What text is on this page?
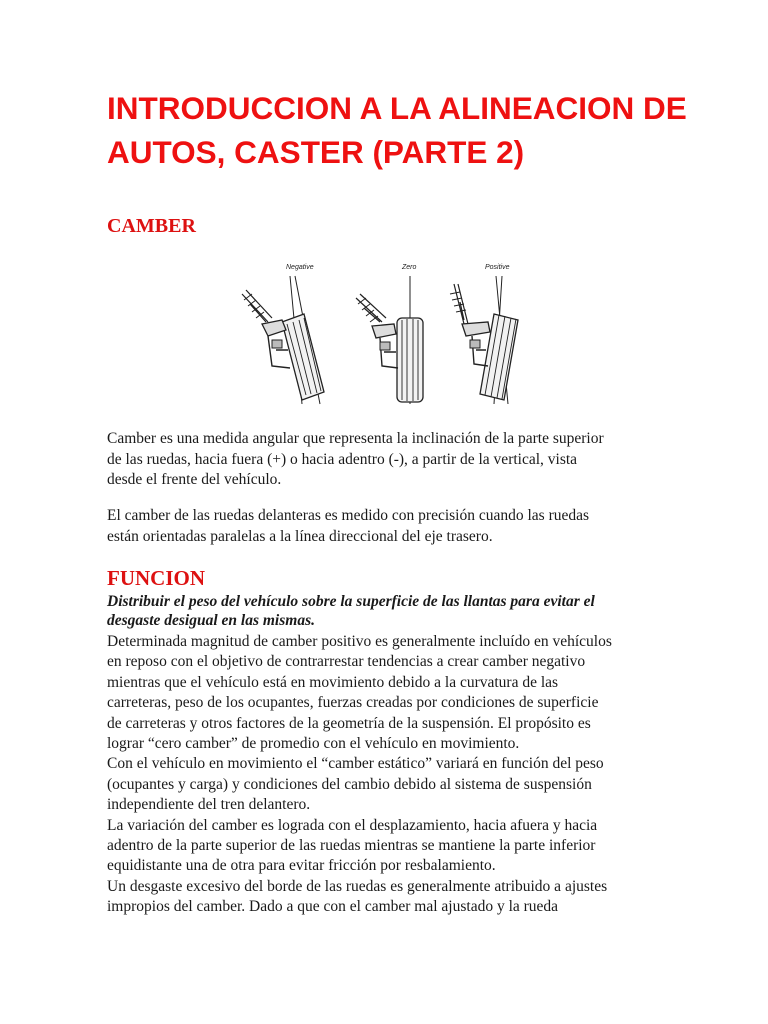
INTRODUCCION A LA ALINEACION DE
AUTOS, CASTER (PARTE 2)
CAMBER
Negative	Zero	Positive

Camber es una medida angular que representa la inclinación de la parte superior
de las ruedas, hacia fuera (+) o hacia adentro (-), a partir de la vertical, vista
desde el frente del vehículo.

El camber de las ruedas delanteras es medido con precisión cuando las ruedas
están orientadas paralelas a la línea direccional del eje trasero.

FUNCION

Distribuir el peso del vehículo sobre la superficie de las llantas para evitar el
desgaste desigual en las mismas.

Determinada magnitud de camber positivo es generalmente incluído en vehículos
en reposo con el objetivo de contrarrestar tendencias a crear camber negativo
mientras que el vehículo está en movimiento debido a la curvatura de las
carreteras, peso de los ocupantes, fuerzas creadas por condiciones de superficie
de carreteras y otros factores de la geometría de la suspensión. El propósito es
lograr “cero camber” de promedio con el vehículo en movimiento.
Con el vehículo en movimiento el “camber estático” variará en función del peso
(ocupantes y carga) y condiciones del cambio debido al sistema de suspensión
independiente del tren delantero.
La variación del camber es lograda con el desplazamiento, hacia afuera y hacia
adentro de la parte superior de las ruedas mientras se mantiene la parte inferior
equidistante una de otra para evitar fricción por resbalamiento.
Un desgaste excesivo del borde de las ruedas es generalmente atribuido a ajustes
impropios del camber. Dado a que con el camber mal ajustado y la rueda
